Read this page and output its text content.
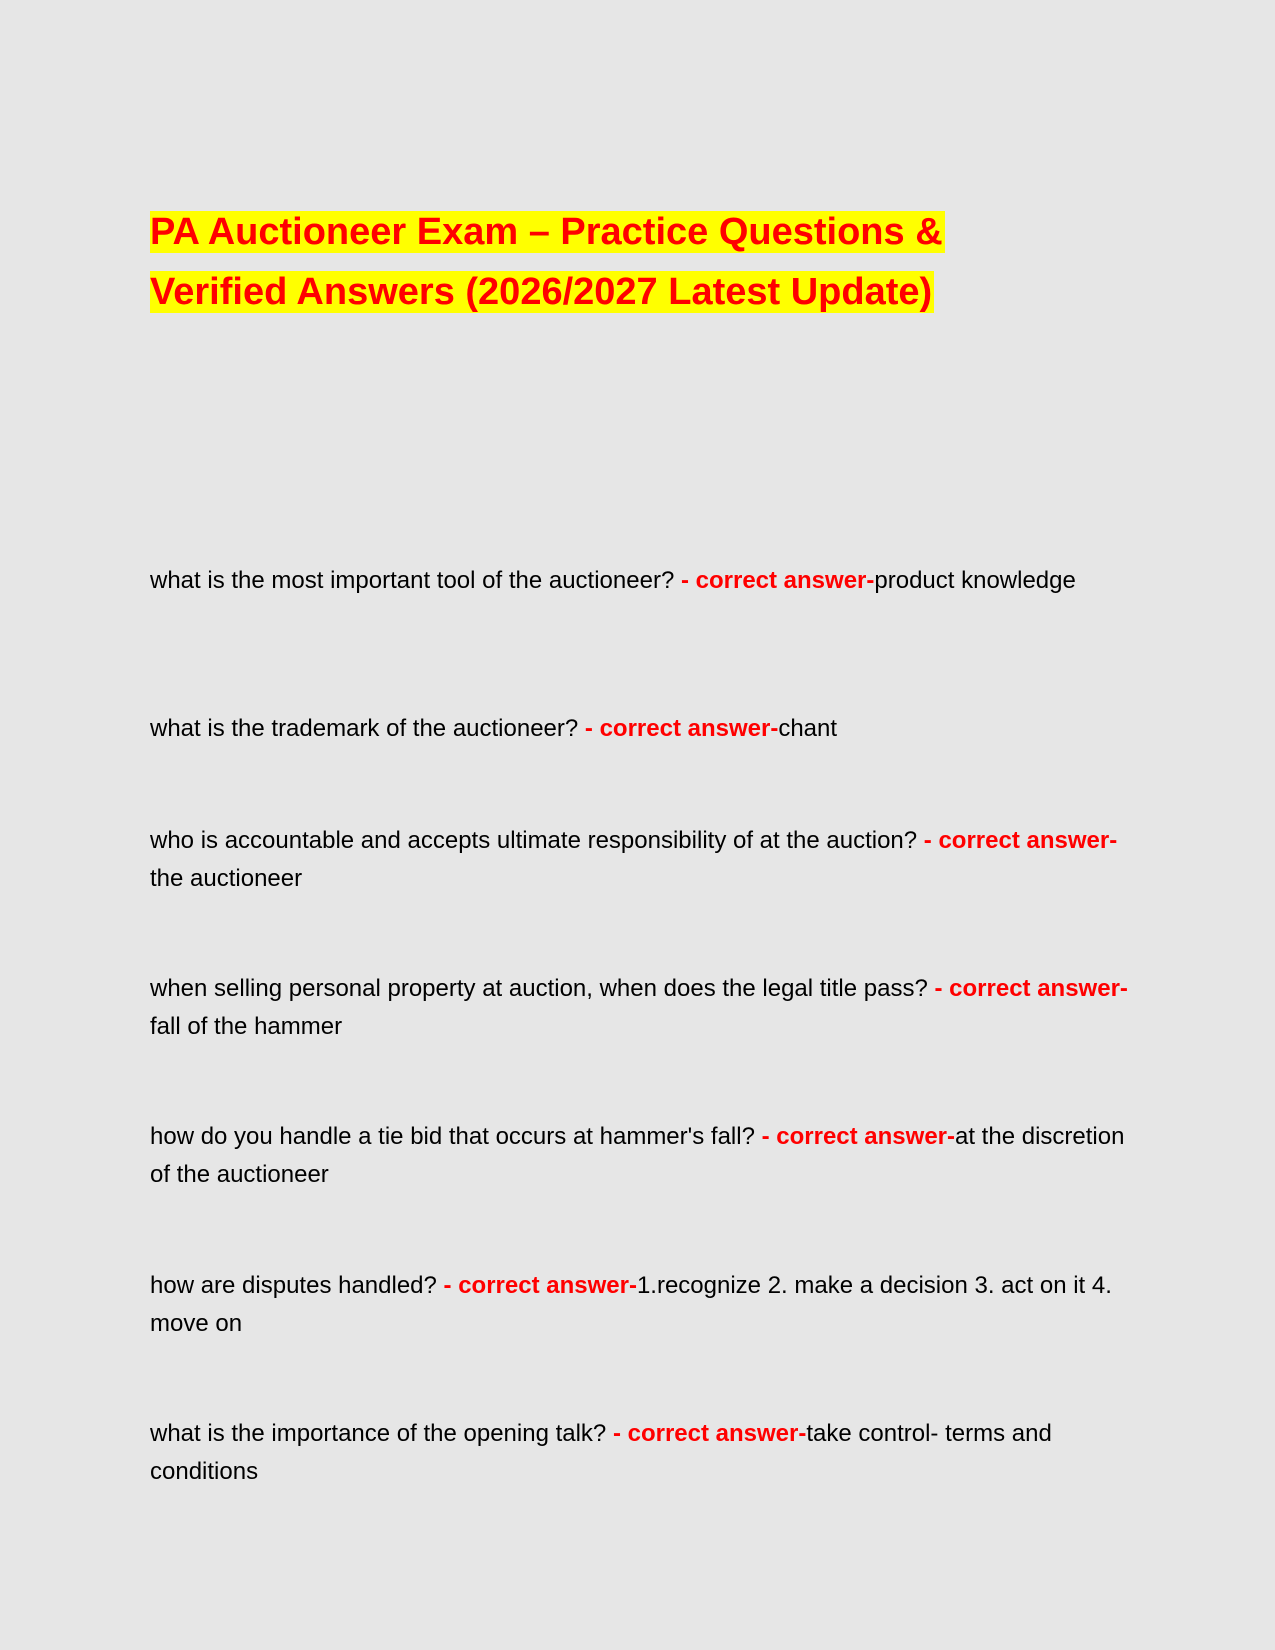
PA Auctioneer Exam – Practice Questions & Verified Answers (2026/2027 Latest Update)

what is the most important tool of the auctioneer? - correct answer-product knowledge

what is the trademark of the auctioneer? - correct answer-chant

who is accountable and accepts ultimate responsibility of at the auction? - correct answer-the auctioneer

when selling personal property at auction, when does the legal title pass? - correct answer-fall of the hammer

how do you handle a tie bid that occurs at hammer's fall? - correct answer-at the discretion of the auctioneer

how are disputes handled? - correct answer-1.recognize 2. make a decision 3. act on it 4. move on

what is the importance of the opening talk? - correct answer-take control- terms and conditions
